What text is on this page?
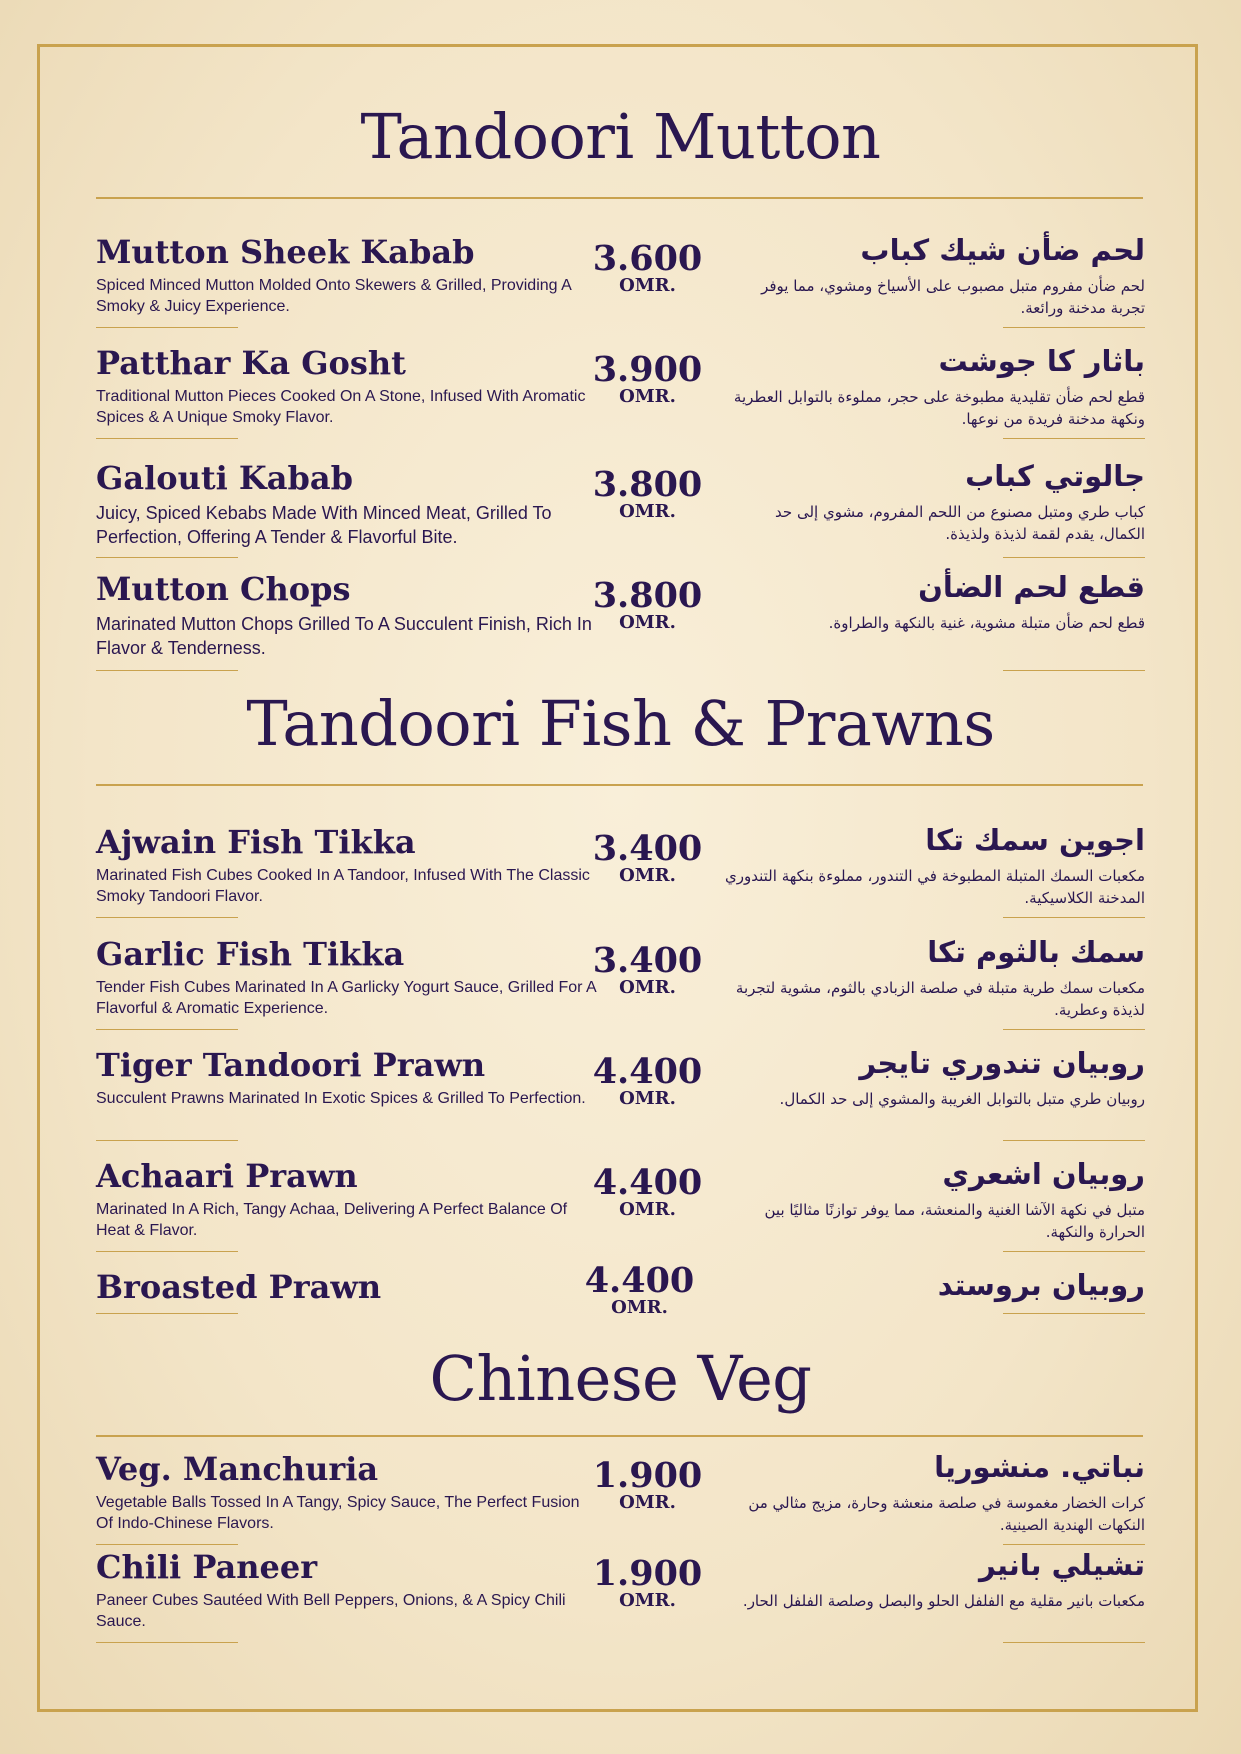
Tandoori Mutton
Mutton Sheek Kabab
Spiced Minced Mutton Molded Onto Skewers & Grilled, Providing A Smoky & Juicy Experience.
3.600
OMR.
لحم ضأن شيك كباب
لحم ضأن مفروم متبل مصبوب على الأسياخ ومشوي، مما يوفر تجربة مدخنة ورائعة.
Patthar Ka Gosht
Traditional Mutton Pieces Cooked On A Stone, Infused With Aromatic Spices & A Unique Smoky Flavor.
3.900
OMR.
باثار كا جوشت
قطع لحم ضأن تقليدية مطبوخة على حجر، مملوءة بالتوابل العطرية ونكهة مدخنة فريدة من نوعها.
Galouti Kabab
Juicy, Spiced Kebabs Made With Minced Meat, Grilled To Perfection, Offering A Tender & Flavorful Bite.
3.800
OMR.
جالوتي كباب
كباب طري ومتبل مصنوع من اللحم المفروم، مشوي إلى حد الكمال، يقدم لقمة لذيذة ولذيذة.
Mutton Chops
Marinated Mutton Chops Grilled To A Succulent Finish, Rich In Flavor & Tenderness.
3.800
OMR.
قطع لحم الضأن
قطع لحم ضأن متبلة مشوية، غنية بالنكهة والطراوة.
Tandoori Fish & Prawns
Ajwain Fish Tikka
Marinated Fish Cubes Cooked In A Tandoor, Infused With The Classic Smoky Tandoori Flavor.
3.400
OMR.
اجوين سمك تكا
مكعبات السمك المتبلة المطبوخة في التندور، مملوءة بنكهة التندوري المدخنة الكلاسيكية.
Garlic Fish Tikka
Tender Fish Cubes Marinated In A Garlicky Yogurt Sauce, Grilled For A Flavorful & Aromatic Experience.
3.400
OMR.
سمك بالثوم تكا
مكعبات سمك طرية متبلة في صلصة الزبادي بالثوم، مشوية لتجربة لذيذة وعطرية.
Tiger Tandoori Prawn
Succulent Prawns Marinated In Exotic Spices & Grilled To Perfection.
4.400
OMR.
روبيان تندوري تايجر
روبيان طري متبل بالتوابل الغريبة والمشوي إلى حد الكمال.
Achaari Prawn
Marinated In A Rich, Tangy Achaa, Delivering A Perfect Balance Of Heat & Flavor.
4.400
OMR.
روبيان اشعري
متبل في نكهة الآشا الغنية والمنعشة، مما يوفر توازنًا مثاليًا بين الحرارة والنكهة.
Broasted Prawn	4.400
OMR.
روبيان بروستد
Chinese Veg
Veg. Manchuria
Vegetable Balls Tossed In A Tangy, Spicy Sauce, The Perfect Fusion Of Indo-Chinese Flavors.
1.900
OMR.
نباتي. منشوريا
كرات الخضار مغموسة في صلصة منعشة وحارة، مزيج مثالي من النكهات الهندية الصينية.
Chili Paneer
Paneer Cubes Sautéed With Bell Peppers, Onions, & A Spicy Chili Sauce.
1.900
OMR.
تشيلي بانير
مكعبات بانير مقلية مع الفلفل الحلو والبصل وصلصة الفلفل الحار.
